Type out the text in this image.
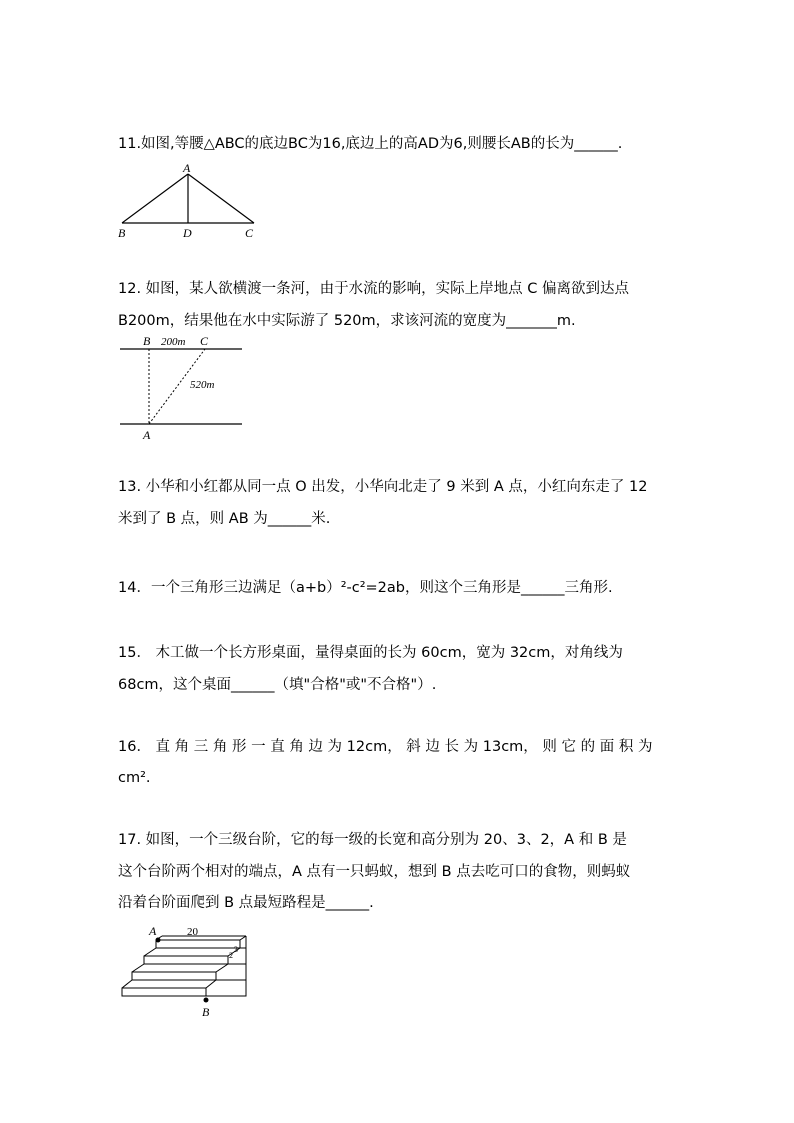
11.如图,等腰△ABC的底边BC为16,底边上的高AD为6,则腰长AB的长为______.
A
B	D	C
12. 如图，某人欲横渡一条河，由于水流的影响，实际上岸地点 C 偏离欲到达点
B200m，结果他在水中实际游了 520m，求该河流的宽度为_______m.
B 200m C
520m
A
13. 小华和小红都从同一点 O 出发，小华向北走了 9 米到 A 点，小红向东走了 12
米到了 B 点，则 AB 为______米.
14．一个三角形三边满足（a+b）²-c²=2ab，则这个三角形是______三角形.
15． 木工做一个长方形桌面，量得桌面的长为 60cm，宽为 32cm，对角线为
68cm，这个桌面______（填"合格"或"不合格"）.
16． 直 角 三 角 形 一 直 角 边 为 12cm， 斜 边 长 为 13cm， 则 它 的 面 积 为
cm².
17. 如图，一个三级台阶，它的每一级的长宽和高分别为 20、3、2，A 和 B 是
这个台阶两个相对的端点，A 点有一只蚂蚁，想到 B 点去吃可口的食物，则蚂蚁
沿着台阶面爬到 B 点最短路程是______.
A	20
3
2
B
